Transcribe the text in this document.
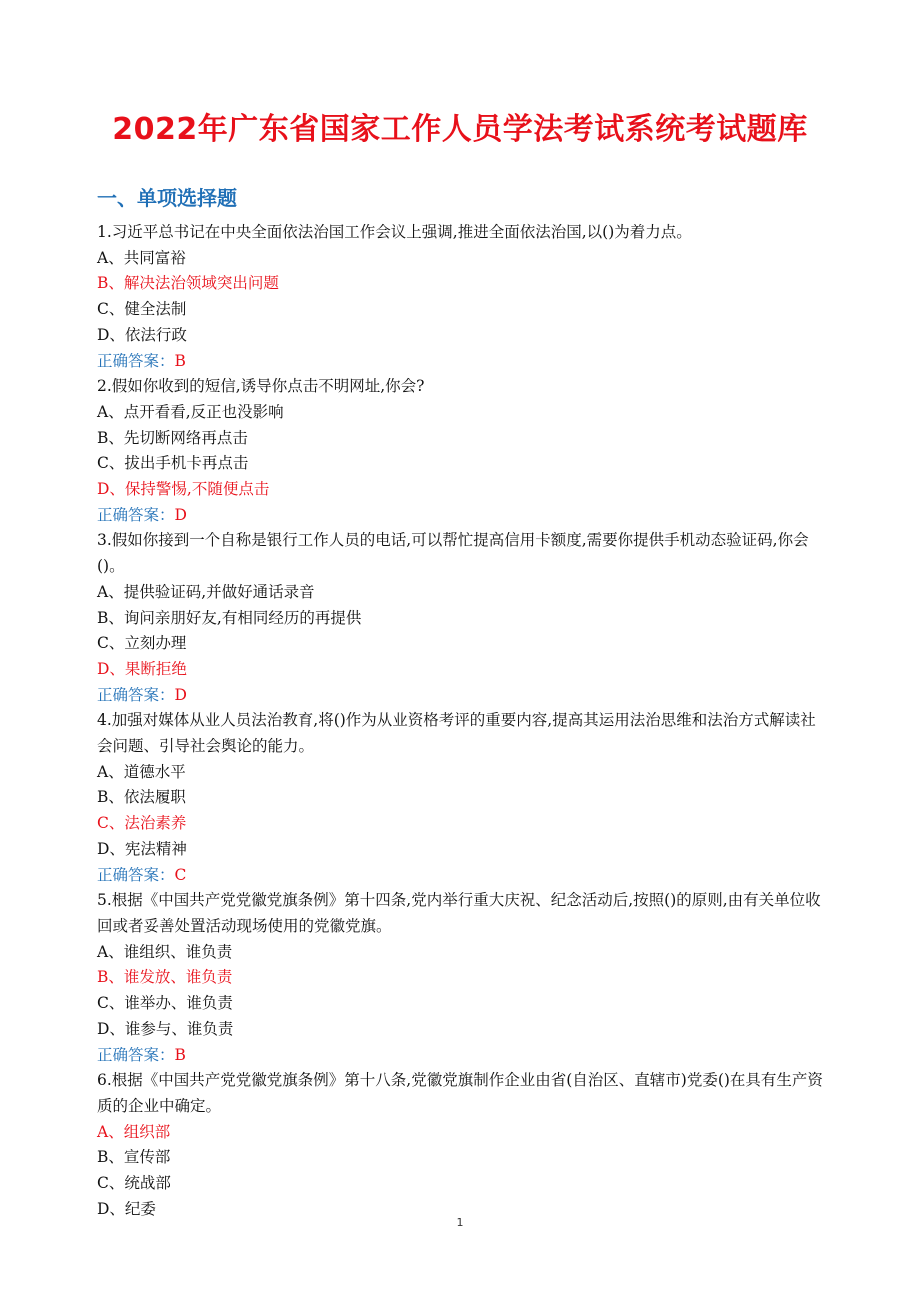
2022年广东省国家工作人员学法考试系统考试题库
一、单项选择题

1.习近平总书记在中央全面依法治国工作会议上强调,推进全面依法治国,以()为着力点。

A、共同富裕
B、解决法治领域突出问题
C、健全法制
D、依法行政

正确答案：B

2.假如你收到的短信,诱导你点击不明网址,你会?

A、点开看看,反正也没影响
B、先切断网络再点击
C、拔出手机卡再点击
D、保持警惕,不随便点击

正确答案：D

3.假如你接到一个自称是银行工作人员的电话,可以帮忙提高信用卡额度,需要你提供手机动态验证码,你会()。

A、提供验证码,并做好通话录音
B、询问亲朋好友,有相同经历的再提供
C、立刻办理
D、果断拒绝

正确答案：D

4.加强对媒体从业人员法治教育,将()作为从业资格考评的重要内容,提高其运用法治思维和法治方式解读社会问题、引导社会舆论的能力。

A、道德水平
B、依法履职
C、法治素养
D、宪法精神

正确答案：C

5.根据《中国共产党党徽党旗条例》第十四条,党内举行重大庆祝、纪念活动后,按照()的原则,由有关单位收回或者妥善处置活动现场使用的党徽党旗。

A、谁组织、谁负责
B、谁发放、谁负责
C、谁举办、谁负责
D、谁参与、谁负责

正确答案：B

6.根据《中国共产党党徽党旗条例》第十八条,党徽党旗制作企业由省(自治区、直辖市)党委()在具有生产资质的企业中确定。

A、组织部
B、宣传部
C、统战部
D、纪委
1
